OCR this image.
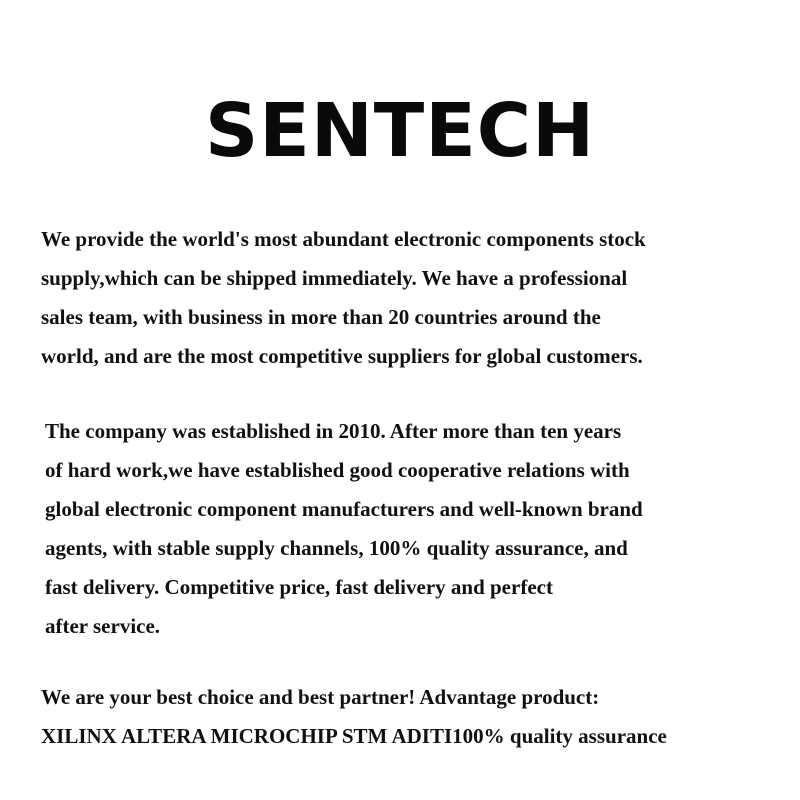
SENTECH
We provide the world's most abundant electronic components stock
supply,which can be shipped immediately. We have a professional
sales team, with business in more than 20 countries around the
world, and are the most competitive suppliers for global customers.
The company was established in 2010. After more than ten years
of hard work,we have established good cooperative relations with
global electronic component manufacturers and well-known brand
agents, with stable supply channels, 100% quality assurance, and
fast delivery. Competitive price, fast delivery and perfect
after service.
We are your best choice and best partner! Advantage product:
XILINX ALTERA MICROCHIP STM ADITI100% quality assurance
